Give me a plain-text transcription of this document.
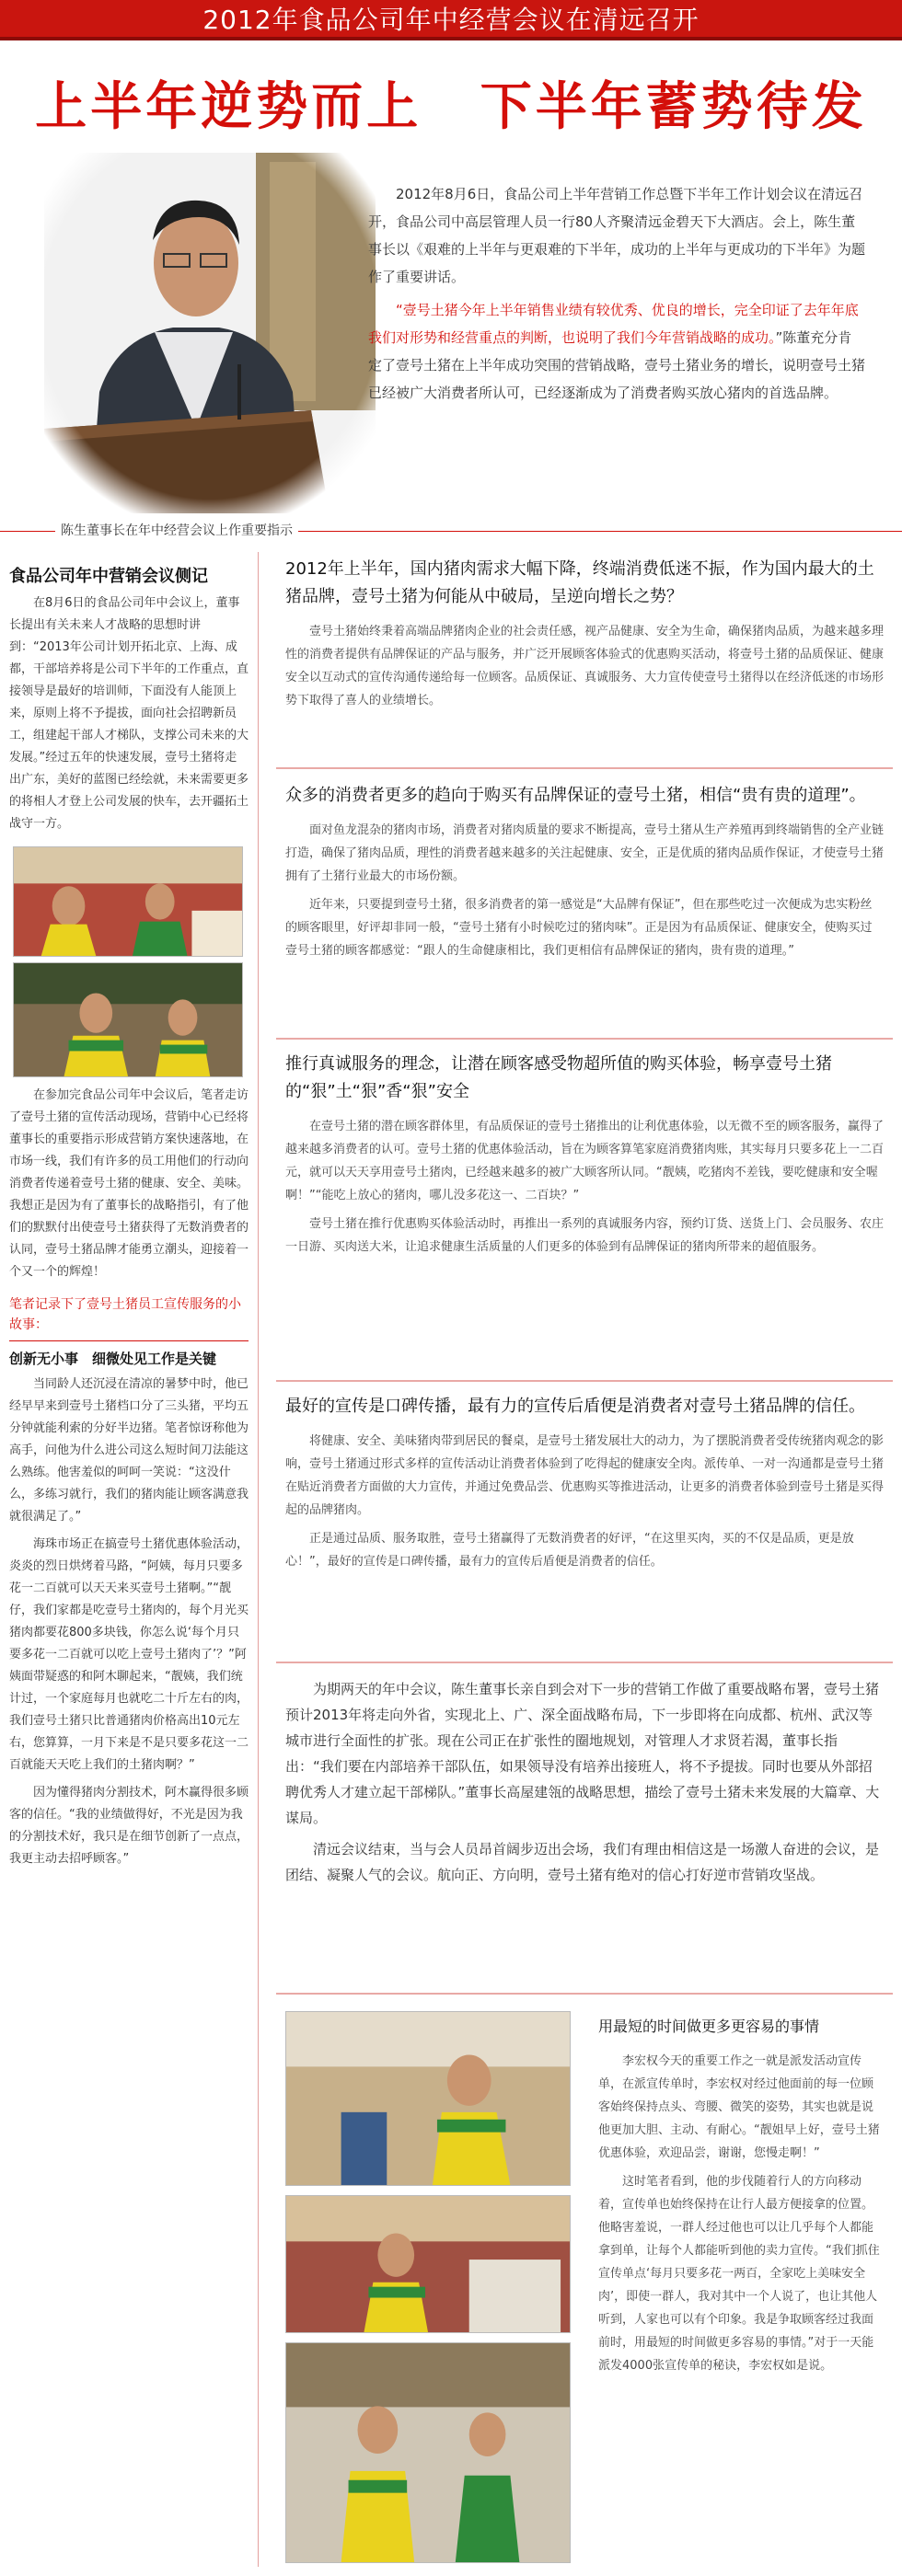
2012年食品公司年中经营会议在清远召开
上半年逆势而上 下半年蓄势待发

2012年8月6日，食品公司上半年营销工作总暨下半年工作计划会议在清远召开，食品公司中高层管理人员一行80人齐聚清远金碧天下大酒店。会上，陈生董事长以《艰难的上半年与更艰难的下半年，成功的上半年与更成功的下半年》为题作了重要讲话。

“壹号土猪今年上半年销售业绩有较优秀、优良的增长，完全印证了去年年底我们对形势和经营重点的判断，也说明了我们今年营销战略的成功。”陈董充分肯定了壹号土猪在上半年成功突围的营销战略，壹号土猪业务的增长，说明壹号土猪已经被广大消费者所认可，已经逐渐成为了消费者购买放心猪肉的首选品牌。

陈生董事长在年中经营会议上作重要指示
食品公司年中营销会议侧记

在8月6日的食品公司年中会议上，董事长提出有关未来人才战略的思想时讲到：“2013年公司计划开拓北京、上海、成都，干部培养将是公司下半年的工作重点，直接领导是最好的培训师，下面没有人能顶上来，原则上将不予提拔，面向社会招聘新员工，组建起干部人才梯队，支撑公司未来的大发展。”经过五年的快速发展，壹号土猪将走出广东，美好的蓝图已经绘就，未来需要更多的将相人才登上公司发展的快车，去开疆拓土战守一方。

在参加完食品公司年中会议后，笔者走访了壹号土猪的宣传活动现场，营销中心已经将董事长的重要指示形成营销方案快速落地，在市场一线，我们有许多的员工用他们的行动向消费者传递着壹号土猪的健康、安全、美味。我想正是因为有了董事长的战略指引，有了他们的默默付出使壹号土猪获得了无数消费者的认同，壹号土猪品牌才能勇立潮头，迎接着一个又一个的辉煌！

笔者记录下了壹号土猪员工宣传服务的小故事：
创新无小事　细微处见工作是关键

当同龄人还沉浸在清凉的暑梦中时，他已经早早来到壹号土猪档口分了三头猪，平均五分钟就能利索的分好半边猪。笔者惊讶称他为高手，问他为什么进公司这么短时间刀法能这么熟练。他害羞似的呵呵一笑说：“这没什么，多练习就行，我们的猪肉能让顾客满意我就很满足了。”

海珠市场正在搞壹号土猪优惠体验活动，炎炎的烈日烘烤着马路，“阿姨，每月只要多花一二百就可以天天来买壹号土猪啊。”“靓仔，我们家都是吃壹号土猪肉的，每个月光买猪肉都要花800多块钱，你怎么说‘每个月只要多花一二百就可以吃上壹号土猪肉了’？”阿姨面带疑惑的和阿木聊起来，“靓姨，我们统计过，一个家庭每月也就吃二十斤左右的肉，我们壹号土猪只比普通猪肉价格高出10元左右，您算算，一月下来是不是只要多花这一二百就能天天吃上我们的土猪肉啊？”

因为懂得猪肉分割技术，阿木赢得很多顾客的信任。“我的业绩做得好，不光是因为我的分割技术好，我只是在细节创新了一点点，我更主动去招呼顾客。”

2012年上半年，国内猪肉需求大幅下降，终端消费低迷不振，作为国内最大的土猪品牌，壹号土猪为何能从中破局，呈逆向增长之势？

壹号土猪始终秉着高端品牌猪肉企业的社会责任感，视产品健康、安全为生命，确保猪肉品质，为越来越多理性的消费者提供有品牌保证的产品与服务，并广泛开展顾客体验式的优惠购买活动，将壹号土猪的品质保证、健康安全以互动式的宣传沟通传递给每一位顾客。品质保证、真诚服务、大力宣传使壹号土猪得以在经济低迷的市场形势下取得了喜人的业绩增长。

众多的消费者更多的趋向于购买有品牌保证的壹号土猪，相信“贵有贵的道理”。

面对鱼龙混杂的猪肉市场，消费者对猪肉质量的要求不断提高，壹号土猪从生产养殖再到终端销售的全产业链打造，确保了猪肉品质，理性的消费者越来越多的关注起健康、安全，正是优质的猪肉品质作保证，才使壹号土猪拥有了土猪行业最大的市场份额。

近年来，只要提到壹号土猪，很多消费者的第一感觉是“大品牌有保证”，但在那些吃过一次便成为忠实粉丝的顾客眼里，好评却非同一般，“壹号土猪有小时候吃过的猪肉味”。正是因为有品质保证、健康安全，使购买过壹号土猪的顾客都感觉：“跟人的生命健康相比，我们更相信有品牌保证的猪肉，贵有贵的道理。”

推行真诚服务的理念，让潜在顾客感受物超所值的购买体验，畅享壹号土猪的“狠”土“狠”香“狠”安全

在壹号土猪的潜在顾客群体里，有品质保证的壹号土猪推出的让利优惠体验，以无微不至的顾客服务，赢得了越来越多消费者的认可。壹号土猪的优惠体验活动，旨在为顾客算笔家庭消费猪肉账，其实每月只要多花上一二百元，就可以天天享用壹号土猪肉，已经越来越多的被广大顾客所认同。“靓姨，吃猪肉不差钱，要吃健康和安全喔啊！”“能吃上放心的猪肉，哪儿没多花这一、二百块？”

壹号土猪在推行优惠购买体验活动时，再推出一系列的真诚服务内容，预约订货、送货上门、会员服务、农庄一日游、买肉送大米，让追求健康生活质量的人们更多的体验到有品牌保证的猪肉所带来的超值服务。

最好的宣传是口碑传播，最有力的宣传后盾便是消费者对壹号土猪品牌的信任。

将健康、安全、美味猪肉带到居民的餐桌，是壹号土猪发展壮大的动力，为了摆脱消费者受传统猪肉观念的影响，壹号土猪通过形式多样的宣传活动让消费者体验到了吃得起的健康安全肉。派传单、一对一沟通都是壹号土猪在贴近消费者方面做的大力宣传，并通过免费品尝、优惠购买等推进活动，让更多的消费者体验到壹号土猪是买得起的品牌猪肉。

正是通过品质、服务取胜，壹号土猪赢得了无数消费者的好评，“在这里买肉，买的不仅是品质，更是放心！”，最好的宣传是口碑传播，最有力的宣传后盾便是消费者的信任。

为期两天的年中会议，陈生董事长亲自到会对下一步的营销工作做了重要战略布署，壹号土猪预计2013年将走向外省，实现北上、广、深全面战略布局，下一步即将在向成都、杭州、武汉等城市进行全面性的扩张。现在公司正在扩张性的圈地规划，对管理人才求贤若渴，董事长指出：“我们要在内部培养干部队伍，如果领导没有培养出接班人，将不予提拔。同时也要从外部招聘优秀人才建立起干部梯队。”董事长高屋建瓴的战略思想，描绘了壹号土猪未来发展的大篇章、大谋局。

清远会议结束，当与会人员昂首阔步迈出会场，我们有理由相信这是一场激人奋进的会议，是团结、凝聚人气的会议。航向正、方向明，壹号土猪有绝对的信心打好逆市营销攻坚战。

用最短的时间做更多更容易的事情

李宏权今天的重要工作之一就是派发活动宣传单，在派宣传单时，李宏权对经过他面前的每一位顾客始终保持点头、弯腰、微笑的姿势，其实也就是说他更加大胆、主动、有耐心。“靓姐早上好，壹号土猪优惠体验，欢迎品尝，谢谢，您慢走啊！”

这时笔者看到，他的步伐随着行人的方向移动着，宣传单也始终保持在让行人最方便接拿的位置。他略害羞说，一群人经过他也可以让几乎每个人都能拿到单，让每个人都能听到他的卖力宣传。“我们抓住宣传单点‘每月只要多花一两百，全家吃上美味安全肉’，即使一群人，我对其中一个人说了，也让其他人听到，人家也可以有个印象。我是争取顾客经过我面前时，用最短的时间做更多容易的事情。”对于一天能派发4000张宣传单的秘诀，李宏权如是说。
